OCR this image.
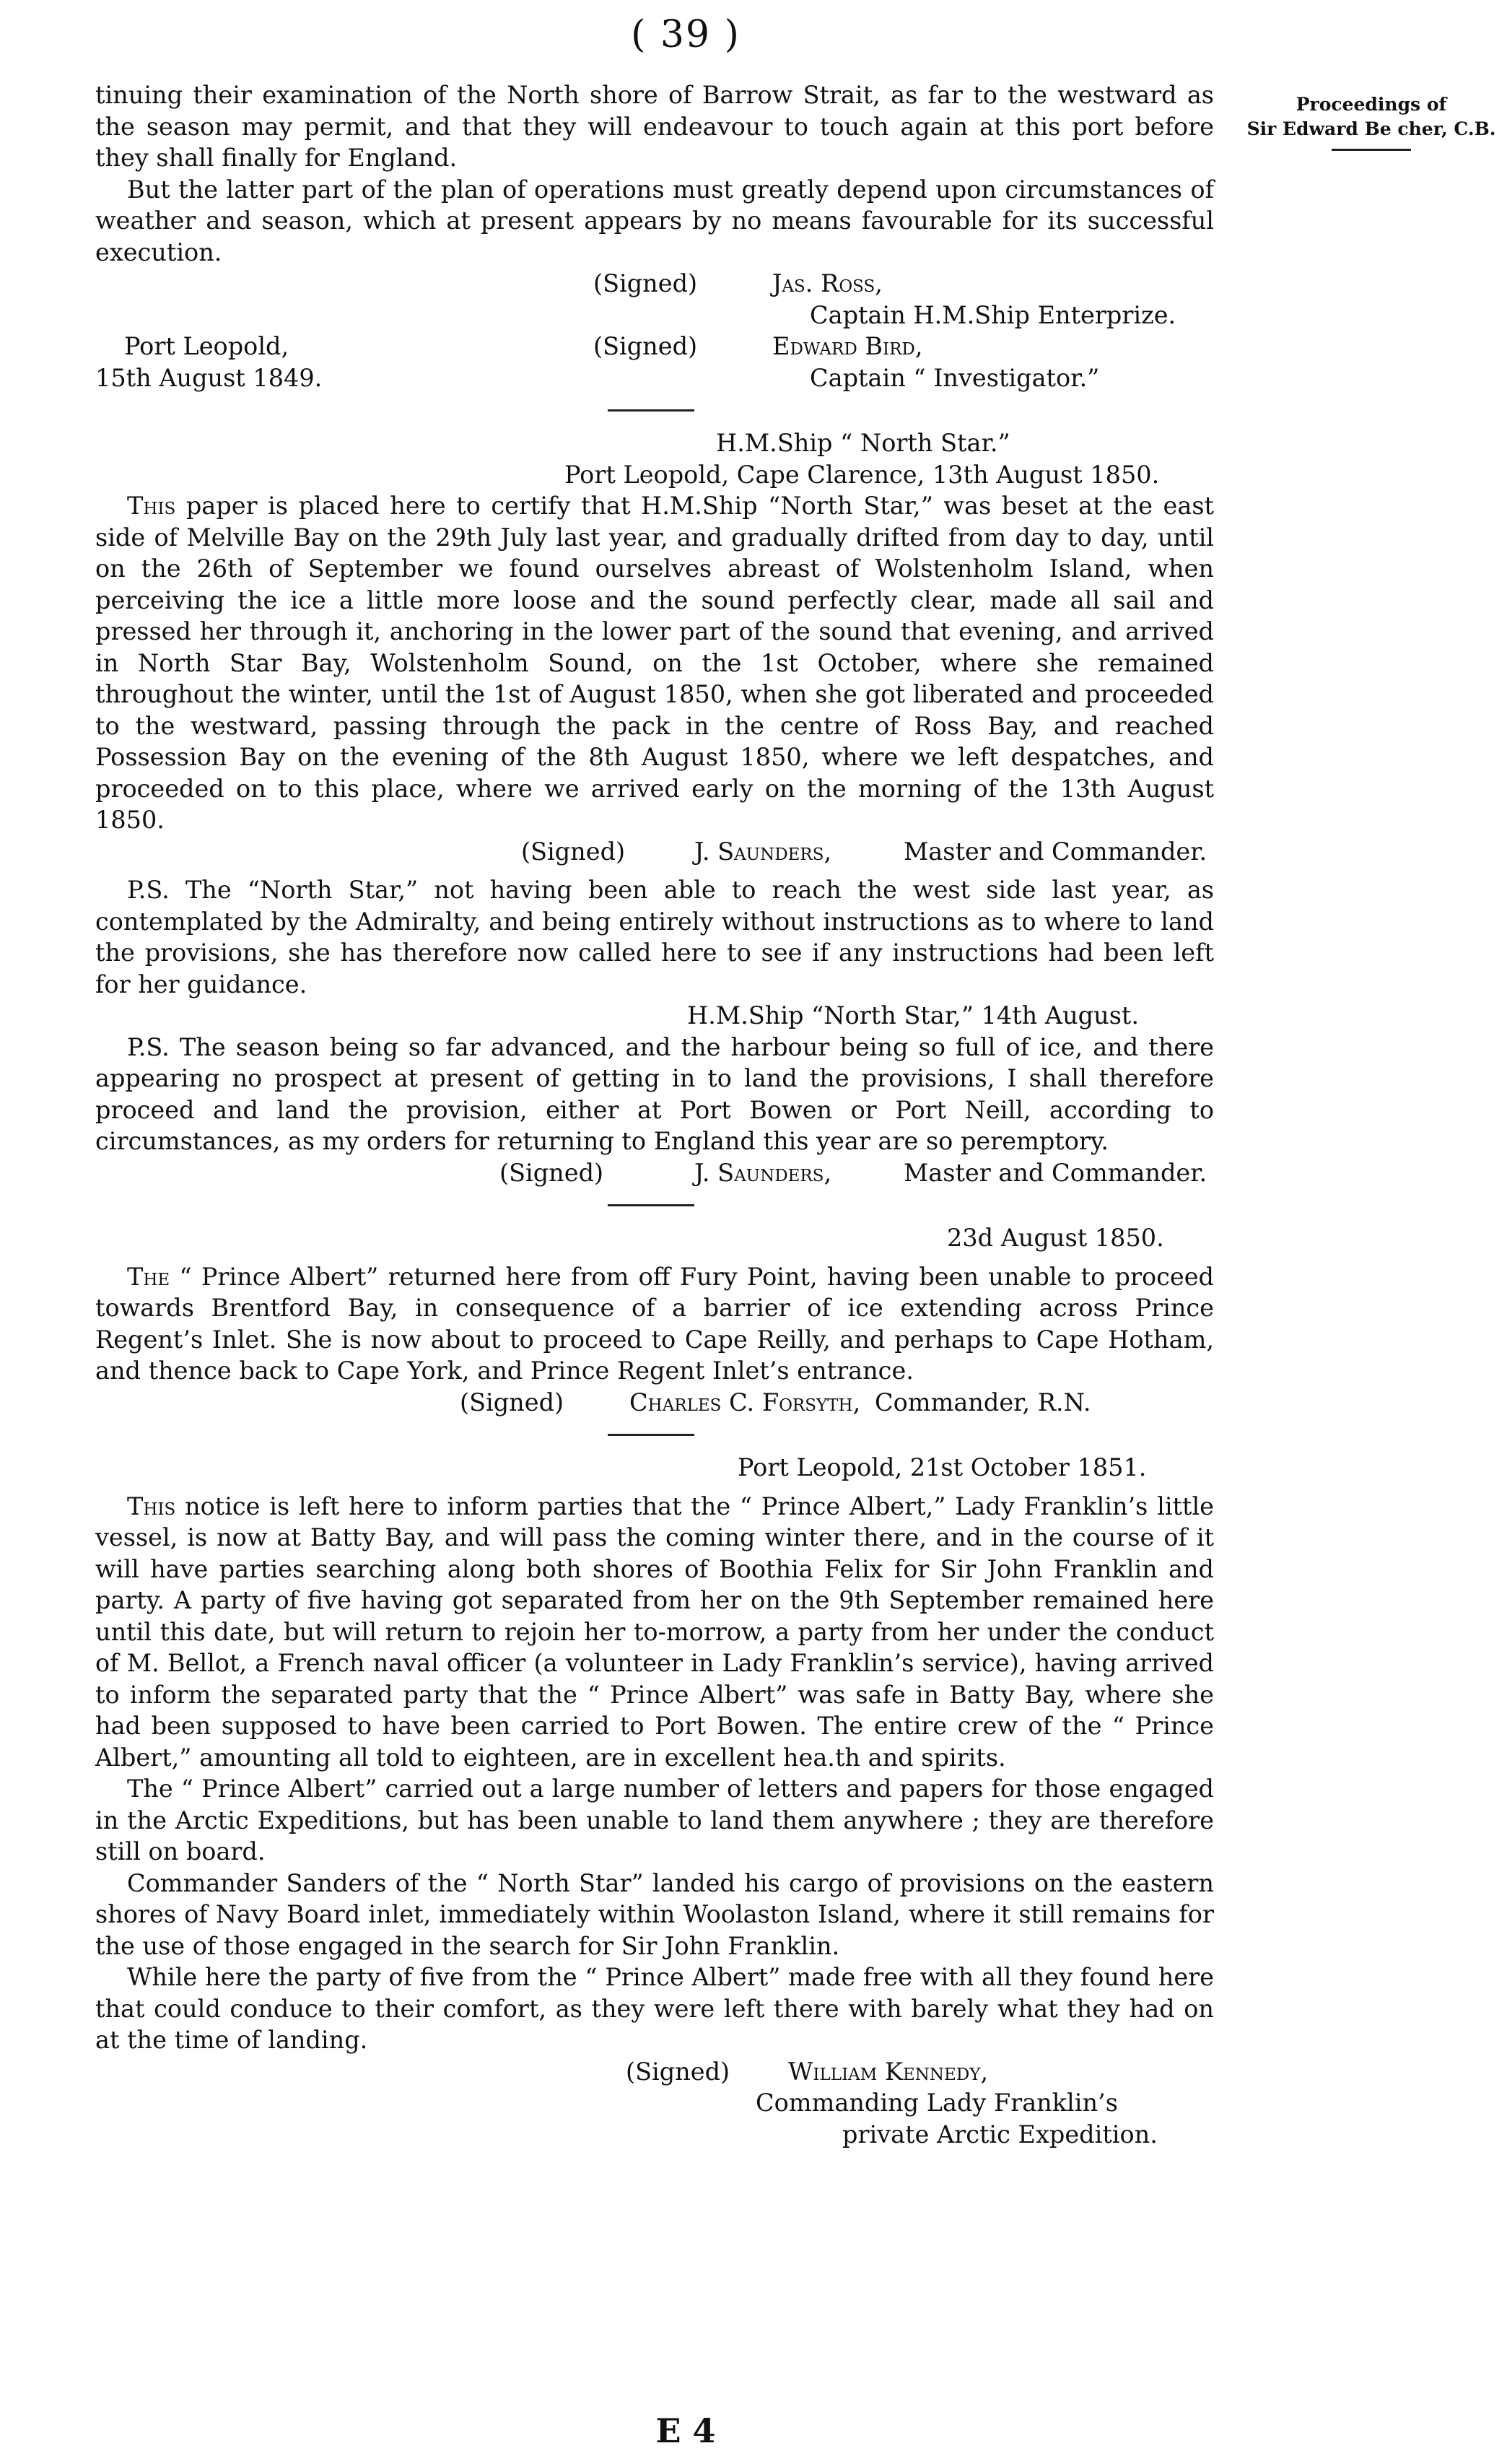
( 39 )
Proceedings of
Sir Edward Be cher, C.B.

tinuing their examination of the North shore of Barrow Strait, as far to the westward as the season may permit, and that they will endeavour to touch again at this port before they shall finally for England.

But the latter part of the plan of operations must greatly depend upon circumstances of weather and season, which at present appears by no means favourable for its successful execution.

(Signed)	Jas. Ross,
Captain H.M.Ship Enterprize.
Port Leopold,	(Signed)	Edward Bird,
15th August 1849.	Captain “ Investigator.”
H.M.Ship “ North Star.”
Port Leopold, Cape Clarence, 13th August 1850.

This paper is placed here to certify that H.M.Ship “North Star,” was beset at the east side of Melville Bay on the 29th July last year, and gradually drifted from day to day, until on the 26th of September we found ourselves abreast of Wolstenholm Island, when perceiving the ice a little more loose and the sound perfectly clear, made all sail and pressed her through it, anchoring in the lower part of the sound that evening, and arrived in North Star Bay, Wolstenholm Sound, on the 1st October, where she remained throughout the winter, until the 1st of August 1850, when she got liberated and proceeded to the westward, passing through the pack in the centre of Ross Bay, and reached Possession Bay on the evening of the 8th August 1850, where we left despatches, and proceeded on to this place, where we arrived early on the morning of the 13th August 1850.

(Signed)	J. Saunders,	Master and Commander.

P.S. The “North Star,” not having been able to reach the west side last year, as contemplated by the Admiralty, and being entirely without instructions as to where to land the provisions, she has therefore now called here to see if any instructions had been left for her guidance.

H.M.Ship “North Star,” 14th August.

P.S. The season being so far advanced, and the harbour being so full of ice, and there appearing no prospect at present of getting in to land the provisions, I shall therefore proceed and land the provision, either at Port Bowen or Port Neill, according to circumstances, as my orders for returning to England this year are so peremptory.

(Signed)	J. Saunders,	Master and Commander.
23d August 1850.

The “ Prince Albert” returned here from off Fury Point, having been unable to proceed towards Brentford Bay, in consequence of a barrier of ice extending across Prince Regent’s Inlet. She is now about to proceed to Cape Reilly, and perhaps to Cape Hotham, and thence back to Cape York, and Prince Regent Inlet’s entrance.

(Signed)	Charles C. Forsyth, Commander, R.N.
Port Leopold, 21st October 1851.

This notice is left here to inform parties that the “ Prince Albert,” Lady Franklin’s little vessel, is now at Batty Bay, and will pass the coming winter there, and in the course of it will have parties searching along both shores of Boothia Felix for Sir John Franklin and party. A party of five having got separated from her on the 9th September remained here until this date, but will return to rejoin her to-morrow, a party from her under the conduct of M. Bellot, a French naval officer (a volunteer in Lady Franklin’s service), having arrived to inform the separated party that the “ Prince Albert” was safe in Batty Bay, where she had been supposed to have been carried to Port Bowen. The entire crew of the “ Prince Albert,” amounting all told to eighteen, are in excellent hea.th and spirits.

The “ Prince Albert” carried out a large number of letters and papers for those engaged in the Arctic Expeditions, but has been unable to land them anywhere ; they are therefore still on board.

Commander Sanders of the “ North Star” landed his cargo of provisions on the eastern shores of Navy Board inlet, immediately within Woolaston Island, where it still remains for the use of those engaged in the search for Sir John Franklin.

While here the party of five from the “ Prince Albert” made free with all they found here that could conduce to their comfort, as they were left there with barely what they had on at the time of landing.

(Signed) William Kennedy,
Commanding Lady Franklin’s
private Arctic Expedition.
E 4
